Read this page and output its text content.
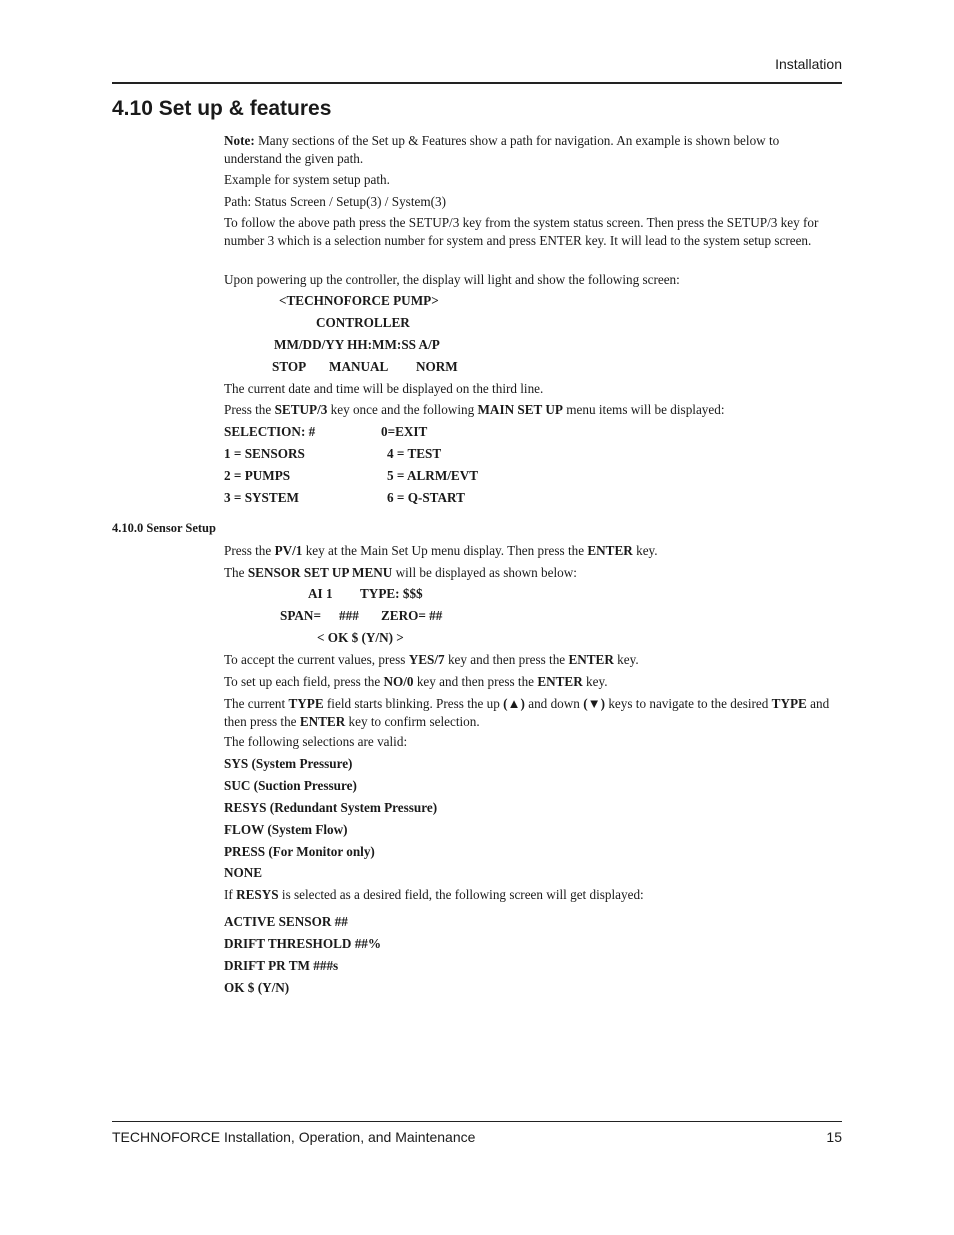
Installation
4.10 Set up & features
Note: Many sections of the Set up & Features show a path for navigation. An example is shown below to understand the given path.
Example for system setup path.
Path: Status Screen / Setup(3) / System(3)
To follow the above path press the SETUP/3 key from the system status screen. Then press the SETUP/3 key for number 3 which is a selection number for system and press ENTER key. It will lead to the system setup screen.
Upon powering up the controller, the display will light and show the following screen:
<TECHNOFORCE PUMP>
CONTROLLER
MM/DD/YY HH:MM:SS A/P
STOP MANUAL NORM
The current date and time will be displayed on the third line.
Press the SETUP/3 key once and the following MAIN SET UP menu items will be displayed:
SELECTION: #	0=EXIT
1 = SENSORS	4 = TEST
2 = PUMPS	5 = ALRM/EVT
3 = SYSTEM	6 = Q-START
4.10.0 Sensor Setup
Press the PV/1 key at the Main Set Up menu display. Then press the ENTER key.
The SENSOR SET UP MENU will be displayed as shown below:
AI 1 TYPE: $$$
SPAN= ### ZERO= ##
< OK $ (Y/N) >
To accept the current values, press YES/7 key and then press the ENTER key.
To set up each field, press the NO/0 key and then press the ENTER key.
The current TYPE field starts blinking. Press the up (▲) and down (▼) keys to navigate to the desired TYPE and then press the ENTER key to confirm selection.
The following selections are valid:
SYS (System Pressure)
SUC (Suction Pressure)
RESYS (Redundant System Pressure)
FLOW (System Flow)
PRESS (For Monitor only)
NONE
If RESYS is selected as a desired field, the following screen will get displayed:
ACTIVE SENSOR ##
DRIFT THRESHOLD ##%
DRIFT PR TM ###s
OK $ (Y/N)
TECHNOFORCE Installation, Operation, and Maintenance	15
